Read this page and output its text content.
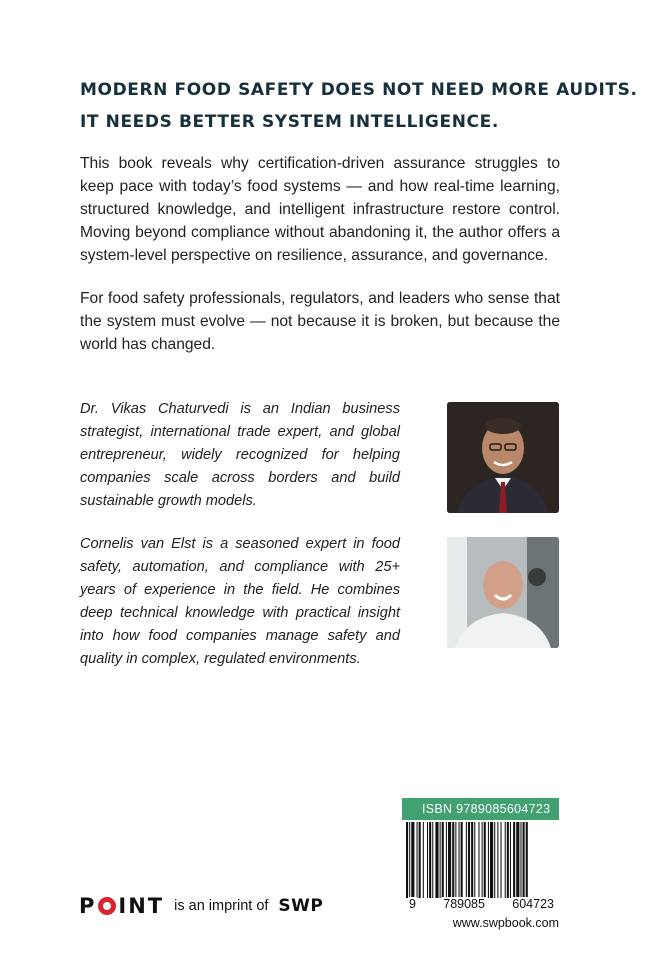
MODERN FOOD SAFETY DOES NOT NEED MORE AUDITS.
IT NEEDS BETTER SYSTEM INTELLIGENCE.

This book reveals why certification-driven assurance struggles to keep pace with today’s food systems — and how real-time learning, structured knowledge, and intelligent infrastructure restore control. Moving beyond compliance without abandoning it, the author offers a system-level perspective on resilience, assurance, and governance.

For food safety professionals, regulators, and leaders who sense that the system must evolve — not because it is broken, but because the world has changed.

Dr. Vikas Chaturvedi is an Indian business strategist, international trade expert, and global entrepreneur, widely recognized for helping companies scale across borders and build sustainable growth models.

Cornelis van Elst is a seasoned expert in food safety, automation, and compliance with 25+ years of experience in the field. He combines deep technical knowledge with practical insight into how food companies manage safety and quality in complex, regulated environments.

ISBN 9789085604723
9 789085 604723
www.swpbook.com
P INT is an imprint of SWP
